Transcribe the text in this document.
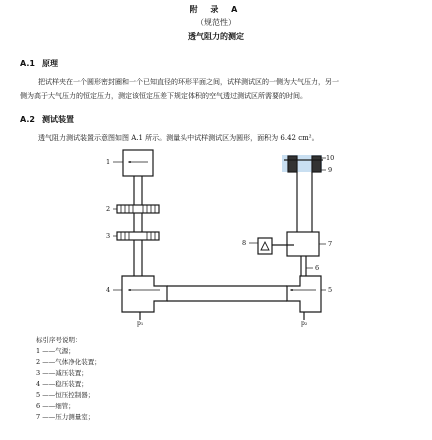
附 录 A
（规范性）
透气阻力的测定
A.1 原理
把试样夹在一个圆形密封圈和一个已知直径的环形平面之间，试样测试区的一侧为大气压力，另一
侧为高于大气压力的恒定压力，测定该恒定压差下规定体积的空气透过测试区所需要的时间。
A.2 测试装置
透气阻力测试装置示意图如图 A.1 所示。测量头中试样测试区为圆形，面积为 6.42 cm²。
1
2
3
4	5
6
7
8
9
10
p₁	p₂
标引序号说明：
1 ——气源；
2 ——气体净化装置；
3 ——减压装置；
4 ——稳压装置；
5 ——恒压控制器；
6 ——细管；
7 ——压力测量室；
